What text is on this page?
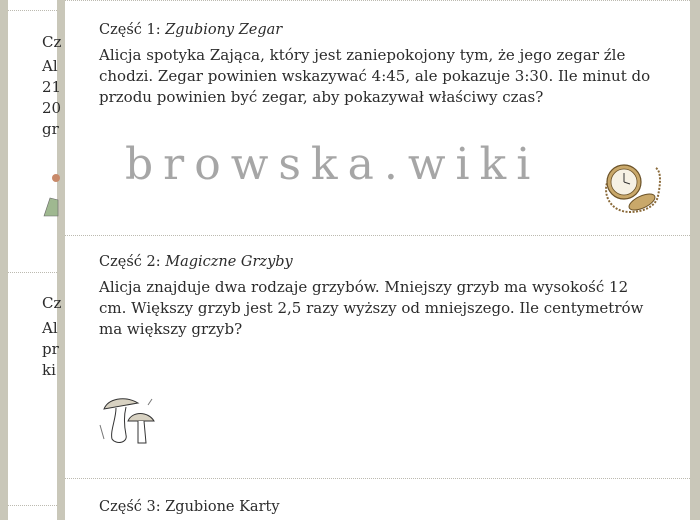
Cz
Al
21
20
gr
Cz
Al
pr
ki
Część 1: Zgubiony Zegar
Alicja spotyka Zająca, który jest zaniepokojony tym, że jego zegar źle chodzi. Zegar powinien wskazywać 4:45, ale pokazuje 3:30. Ile minut do przodu powinien być zegar, aby pokazywał właściwy czas?
Część 2: Magiczne Grzyby
Alicja znajduje dwa rodzaje grzybów. Mniejszy grzyb ma wysokość 12 cm. Większy grzyb jest 2,5 razy wyższy od mniejszego. Ile centymetrów ma większy grzyb?
Część 3: Zgubione Karty
browska.wiki
